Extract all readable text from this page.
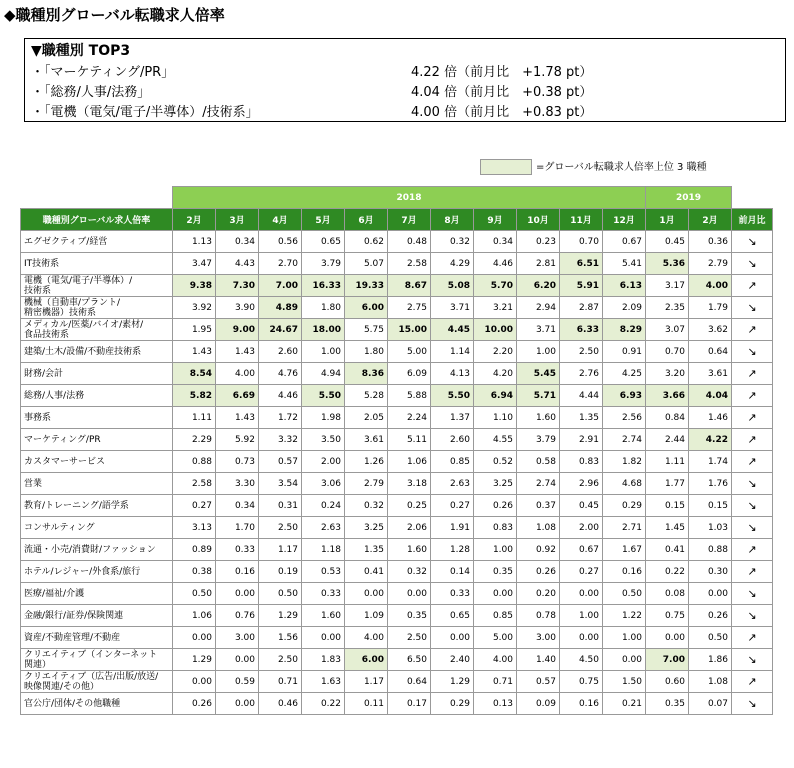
◆職種別グローバル転職求人倍率
▼職種別 TOP3
・「マーケティング/PR」	4.22 倍（前月比　+1.78 pt）
・「総務/人事/法務」	4.04 倍（前月比　+0.38 pt）
・「電機（電気/電子/半導体）/技術系」	4.00 倍（前月比　+0.83 pt）
=グローバル転職求人倍率上位 3 職種
	2018											2019		
職種別グローバル求人倍率	2月	3月	4月	5月	6月	7月	8月	9月	10月	11月	12月	1月	2月	前月比
エグゼクティブ/経営	1.13	0.34	0.56	0.65	0.62	0.48	0.32	0.34	0.23	0.70	0.67	0.45	0.36	↘
IT技術系	3.47	4.43	2.70	3.79	5.07	2.58	4.29	4.46	2.81	6.51	5.41	5.36	2.79	↘
電機（電気/電子/半導体）/
技術系	9.38	7.30	7.00	16.33	19.33	8.67	5.08	5.70	6.20	5.91	6.13	3.17	4.00	↗
機械（自動車/プラント/
精密機器）技術系	3.92	3.90	4.89	1.80	6.00	2.75	3.71	3.21	2.94	2.87	2.09	2.35	1.79	↘
メディカル/医薬/バイオ/素材/
食品技術系	1.95	9.00	24.67	18.00	5.75	15.00	4.45	10.00	3.71	6.33	8.29	3.07	3.62	↗
建築/土木/設備/不動産技術系	1.43	1.43	2.60	1.00	1.80	5.00	1.14	2.20	1.00	2.50	0.91	0.70	0.64	↘
財務/会計	8.54	4.00	4.76	4.94	8.36	6.09	4.13	4.20	5.45	2.76	4.25	3.20	3.61	↗
総務/人事/法務	5.82	6.69	4.46	5.50	5.28	5.88	5.50	6.94	5.71	4.44	6.93	3.66	4.04	↗
事務系	1.11	1.43	1.72	1.98	2.05	2.24	1.37	1.10	1.60	1.35	2.56	0.84	1.46	↗
マーケティング/PR	2.29	5.92	3.32	3.50	3.61	5.11	2.60	4.55	3.79	2.91	2.74	2.44	4.22	↗
カスタマーサービス	0.88	0.73	0.57	2.00	1.26	1.06	0.85	0.52	0.58	0.83	1.82	1.11	1.74	↗
営業	2.58	3.30	3.54	3.06	2.79	3.18	2.63	3.25	2.74	2.96	4.68	1.77	1.76	↘
教育/トレーニング/語学系	0.27	0.34	0.31	0.24	0.32	0.25	0.27	0.26	0.37	0.45	0.29	0.15	0.15	↘
コンサルティング	3.13	1.70	2.50	2.63	3.25	2.06	1.91	0.83	1.08	2.00	2.71	1.45	1.03	↘
流通・小売/消費財/ファッション	0.89	0.33	1.17	1.18	1.35	1.60	1.28	1.00	0.92	0.67	1.67	0.41	0.88	↗
ホテル/レジャー/外食系/旅行	0.38	0.16	0.19	0.53	0.41	0.32	0.14	0.35	0.26	0.27	0.16	0.22	0.30	↗
医療/福祉/介護	0.50	0.00	0.50	0.33	0.00	0.00	0.33	0.00	0.20	0.00	0.50	0.08	0.00	↘
金融/銀行/証券/保険関連	1.06	0.76	1.29	1.60	1.09	0.35	0.65	0.85	0.78	1.00	1.22	0.75	0.26	↘
資産/不動産管理/不動産	0.00	3.00	1.56	0.00	4.00	2.50	0.00	5.00	3.00	0.00	1.00	0.00	0.50	↗
クリエイティブ（インターネット
関連）	1.29	0.00	2.50	1.83	6.00	6.50	2.40	4.00	1.40	4.50	0.00	7.00	1.86	↘
クリエイティブ（広告/出版/放送/
映像関連/その他）	0.00	0.59	0.71	1.63	1.17	0.64	1.29	0.71	0.57	0.75	1.50	0.60	1.08	↗
官公庁/団体/その他職種	0.26	0.00	0.46	0.22	0.11	0.17	0.29	0.13	0.09	0.16	0.21	0.35	0.07	↘
